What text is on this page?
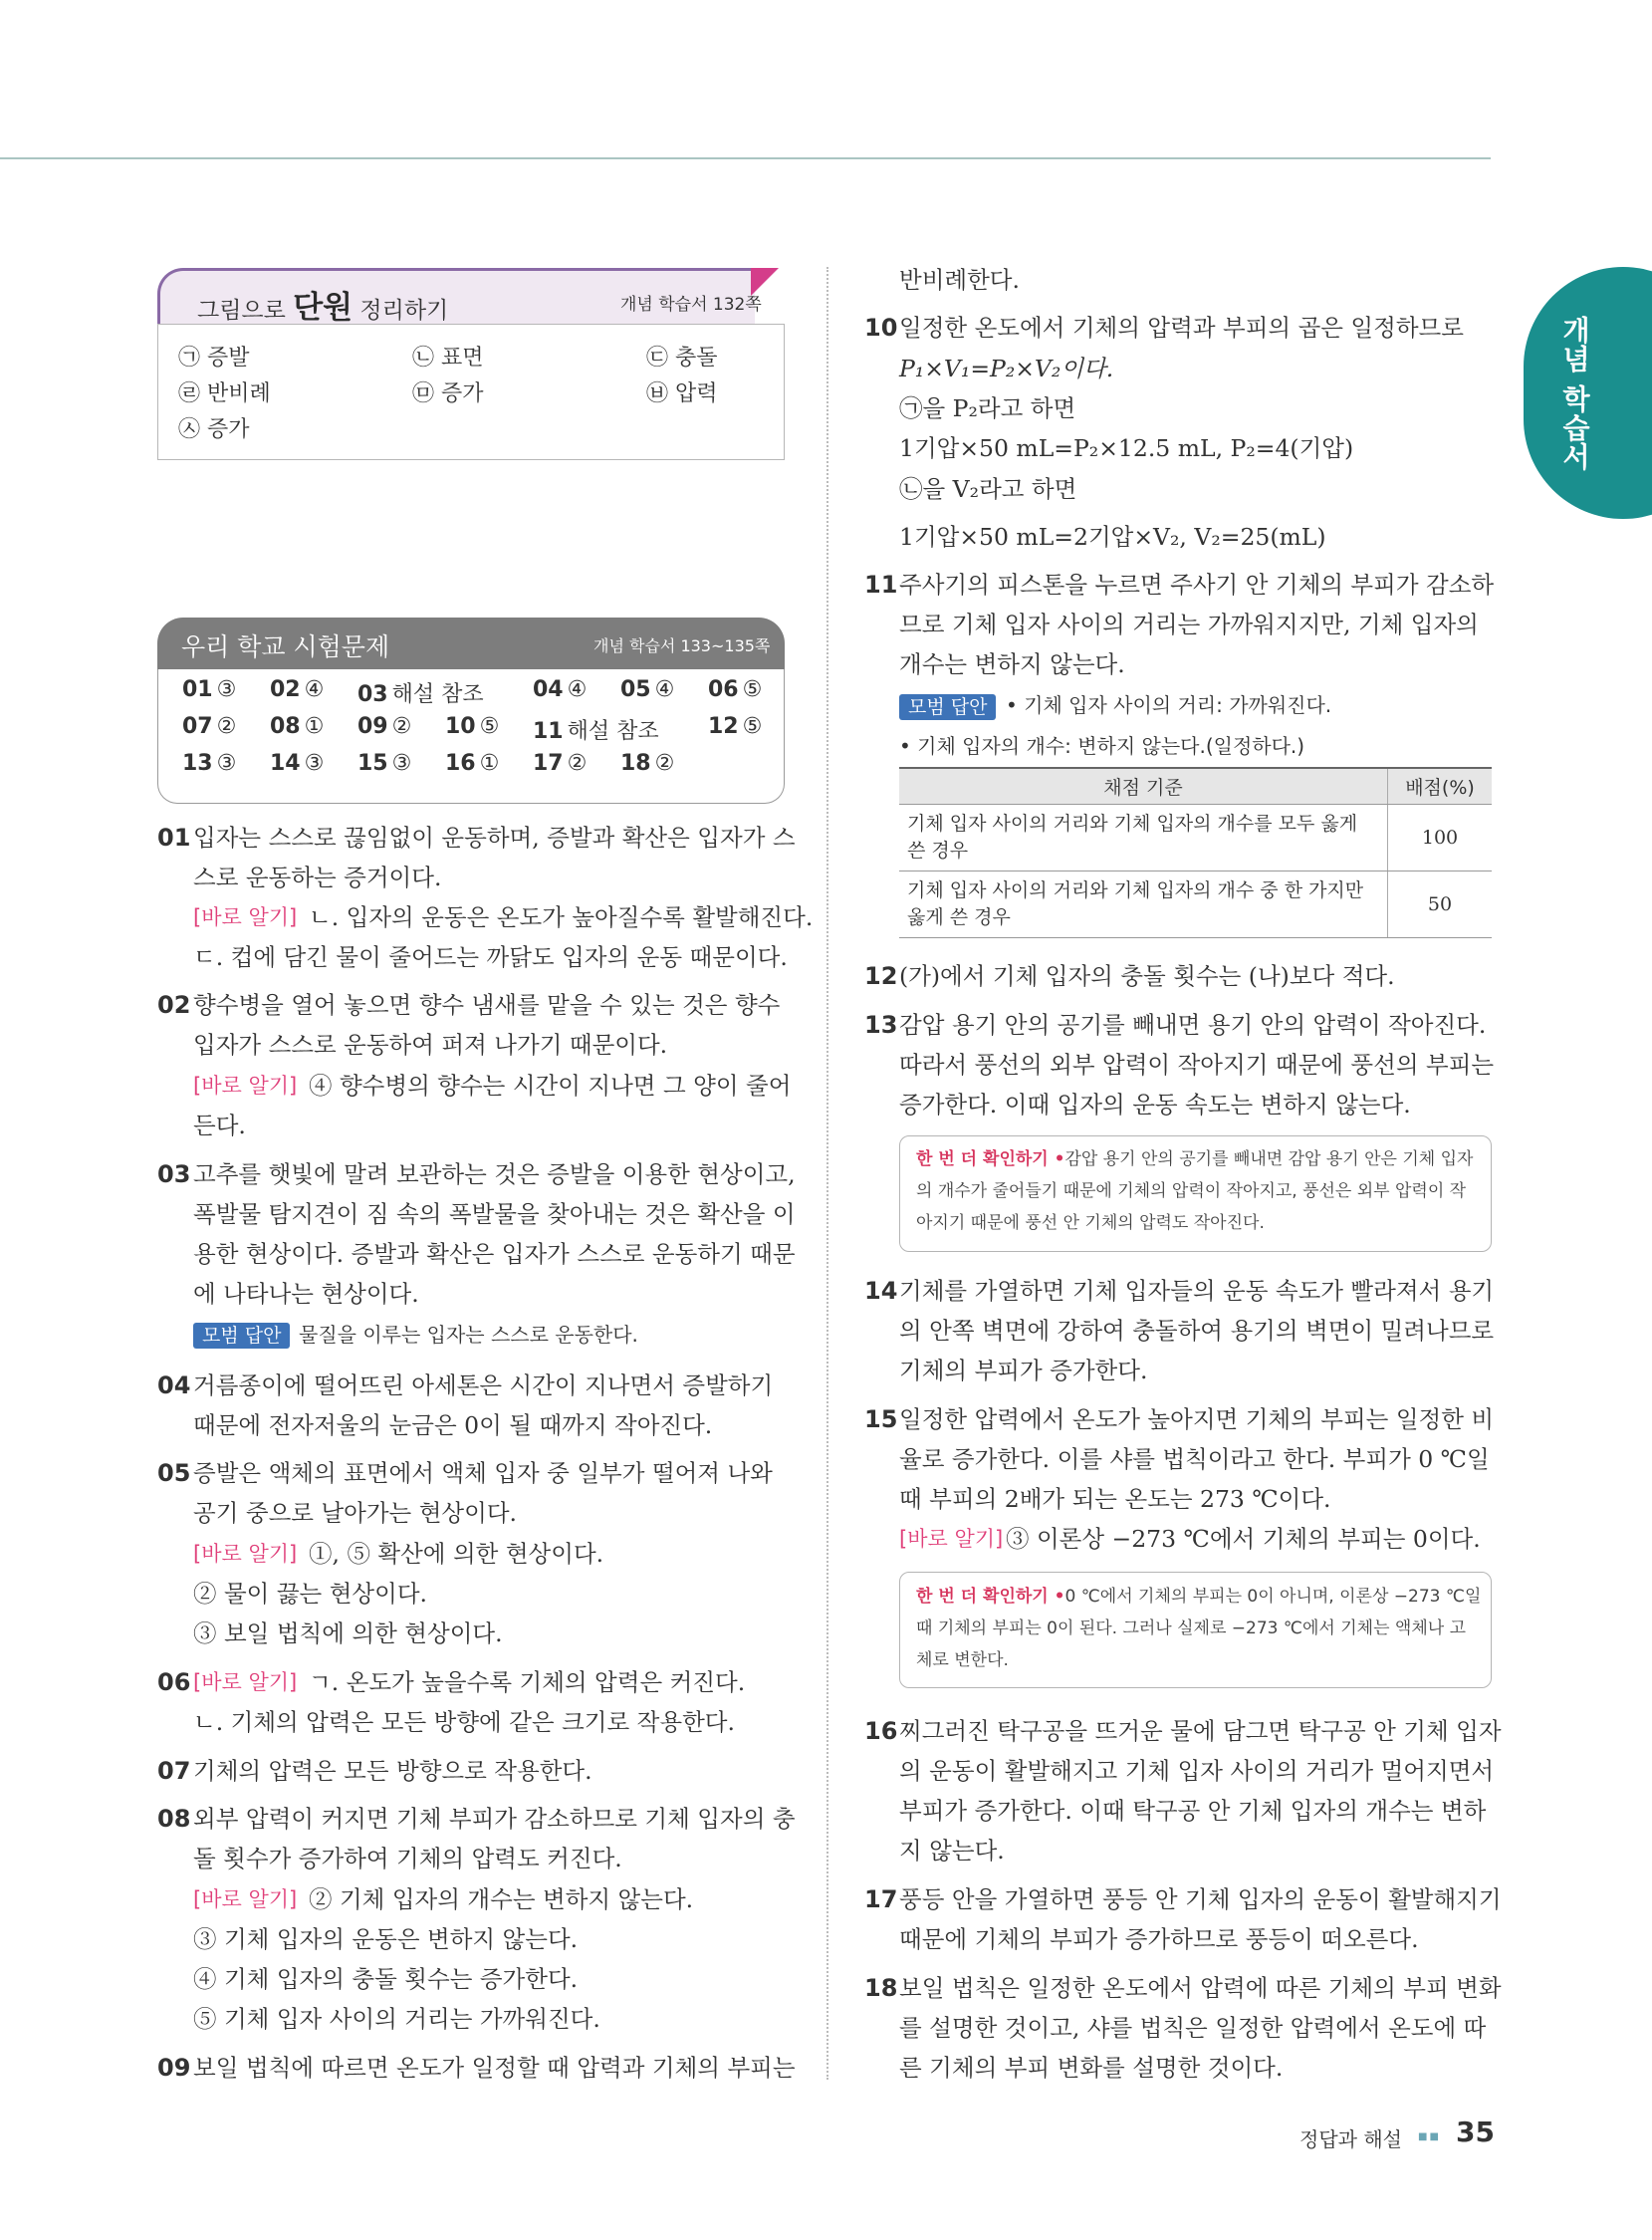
개념 학습서
그림으로 단원 정리하기	개념 학습서 132쪽
㉠ 증발	㉡ 표면	㉢ 충돌
㉣ 반비례	㉤ 증가	㉥ 압력
㉦ 증가
우리 학교 시험문제	개념 학습서 133~135쪽
01 ③ 02 ④ 03 해설 참조 04 ④ 05 ④ 06 ⑤
07 ② 08 ① 09 ② 10 ⑤ 11 해설 참조 12 ⑤
13 ③ 14 ③ 15 ③ 16 ① 17 ② 18 ②
01 입자는 스스로 끊임없이 운동하며, 증발과 확산은 입자가 스
스로 운동하는 증거이다.
[바로 알기] ㄴ. 입자의 운동은 온도가 높아질수록 활발해진다.
ㄷ. 컵에 담긴 물이 줄어드는 까닭도 입자의 운동 때문이다.
02 향수병을 열어 놓으면 향수 냄새를 맡을 수 있는 것은 향수
입자가 스스로 운동하여 퍼져 나가기 때문이다.
[바로 알기] ④ 향수병의 향수는 시간이 지나면 그 양이 줄어
든다.
03 고추를 햇빛에 말려 보관하는 것은 증발을 이용한 현상이고,
폭발물 탐지견이 짐 속의 폭발물을 찾아내는 것은 확산을 이
용한 현상이다. 증발과 확산은 입자가 스스로 운동하기 때문
에 나타나는 현상이다.
모범 답안 물질을 이루는 입자는 스스로 운동한다.
04 거름종이에 떨어뜨린 아세톤은 시간이 지나면서 증발하기
때문에 전자저울의 눈금은 0이 될 때까지 작아진다.
05 증발은 액체의 표면에서 액체 입자 중 일부가 떨어져 나와
공기 중으로 날아가는 현상이다.
[바로 알기] ①, ⑤ 확산에 의한 현상이다.
② 물이 끓는 현상이다.
③ 보일 법칙에 의한 현상이다.
06 [바로 알기] ㄱ. 온도가 높을수록 기체의 압력은 커진다.
ㄴ. 기체의 압력은 모든 방향에 같은 크기로 작용한다.
07 기체의 압력은 모든 방향으로 작용한다.
08 외부 압력이 커지면 기체 부피가 감소하므로 기체 입자의 충
돌 횟수가 증가하여 기체의 압력도 커진다.
[바로 알기] ② 기체 입자의 개수는 변하지 않는다.
③ 기체 입자의 운동은 변하지 않는다.
④ 기체 입자의 충돌 횟수는 증가한다.
⑤ 기체 입자 사이의 거리는 가까워진다.
09 보일 법칙에 따르면 온도가 일정할 때 압력과 기체의 부피는
반비례한다.
10 일정한 온도에서 기체의 압력과 부피의 곱은 일정하므로
P₁×V₁=P₂×V₂이다.
㉠을 P₂라고 하면
1기압×50 mL=P₂×12.5 mL, P₂=4(기압)
㉡을 V₂라고 하면
1기압×50 mL=2기압×V₂, V₂=25(mL)
11 주사기의 피스톤을 누르면 주사기 안 기체의 부피가 감소하
므로 기체 입자 사이의 거리는 가까워지지만, 기체 입자의
개수는 변하지 않는다.
모범 답안 • 기체 입자 사이의 거리: 가까워진다.
• 기체 입자의 개수: 변하지 않는다.(일정하다.)
채점 기준	배점(%)
기체 입자 사이의 거리와 기체 입자의 개수를 모두 옳게 쓴 경우	100
기체 입자 사이의 거리와 기체 입자의 개수 중 한 가지만 옳게 쓴 경우	50
12 (가)에서 기체 입자의 충돌 횟수는 (나)보다 적다.
13 감압 용기 안의 공기를 빼내면 용기 안의 압력이 작아진다.
따라서 풍선의 외부 압력이 작아지기 때문에 풍선의 부피는
증가한다. 이때 입자의 운동 속도는 변하지 않는다.
한 번 더 확인하기 •감압 용기 안의 공기를 빼내면 감압 용기 안은 기체 입자
의 개수가 줄어들기 때문에 기체의 압력이 작아지고, 풍선은 외부 압력이 작
아지기 때문에 풍선 안 기체의 압력도 작아진다.
14 기체를 가열하면 기체 입자들의 운동 속도가 빨라져서 용기
의 안쪽 벽면에 강하여 충돌하여 용기의 벽면이 밀려나므로
기체의 부피가 증가한다.
15 일정한 압력에서 온도가 높아지면 기체의 부피는 일정한 비
율로 증가한다. 이를 샤를 법칙이라고 한다. 부피가 0 ℃일
때 부피의 2배가 되는 온도는 273 ℃이다.
[바로 알기] ③ 이론상 −273 ℃에서 기체의 부피는 0이다.
한 번 더 확인하기 •0 ℃에서 기체의 부피는 0이 아니며, 이론상 −273 ℃일
때 기체의 부피는 0이 된다. 그러나 실제로 −273 ℃에서 기체는 액체나 고
체로 변한다.
16 찌그러진 탁구공을 뜨거운 물에 담그면 탁구공 안 기체 입자
의 운동이 활발해지고 기체 입자 사이의 거리가 멀어지면서
부피가 증가한다. 이때 탁구공 안 기체 입자의 개수는 변하
지 않는다.
17 풍등 안을 가열하면 풍등 안 기체 입자의 운동이 활발해지기
때문에 기체의 부피가 증가하므로 풍등이 떠오른다.
18 보일 법칙은 일정한 온도에서 압력에 따른 기체의 부피 변화
를 설명한 것이고, 샤를 법칙은 일정한 압력에서 온도에 따
른 기체의 부피 변화를 설명한 것이다.
정답과 해설 ■■ 35
